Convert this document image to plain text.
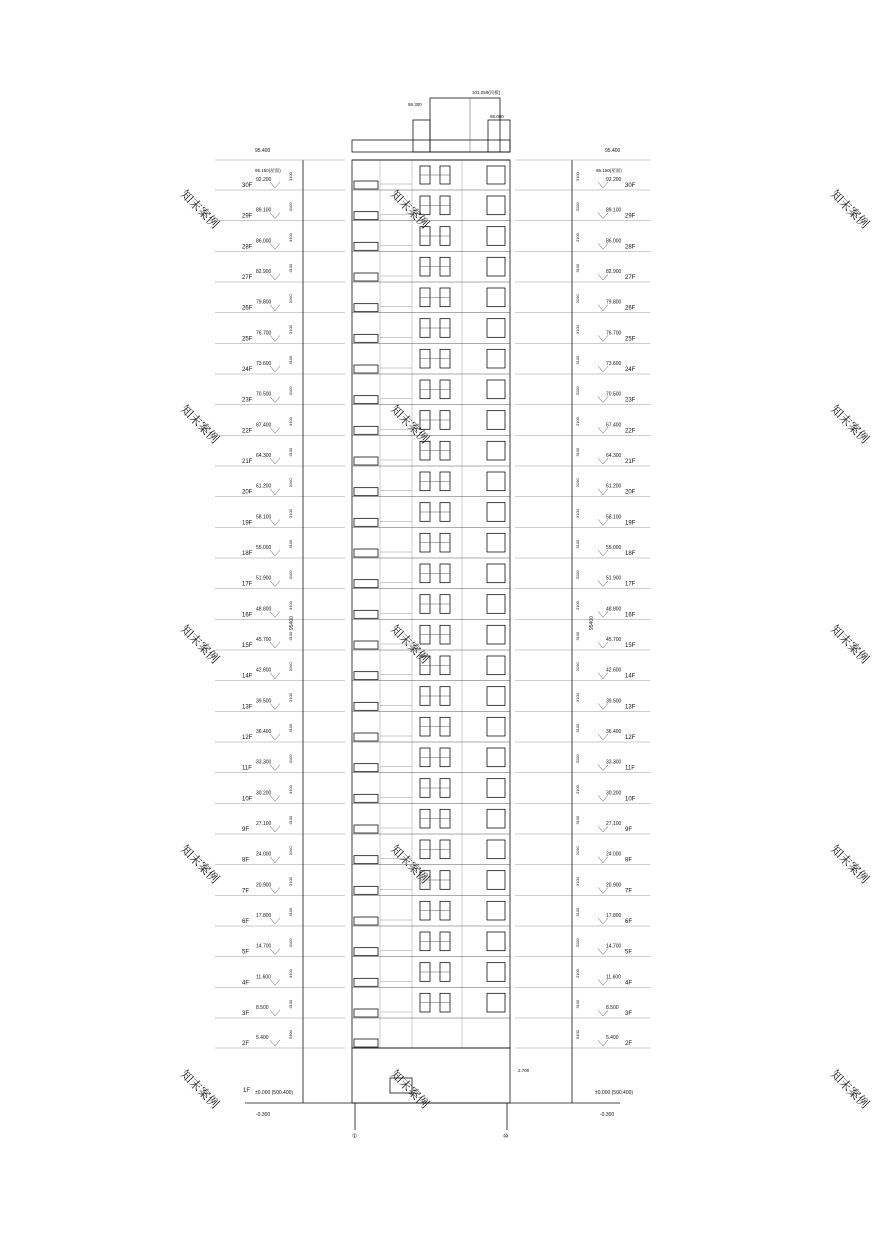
知末案例	知末案例	知末案例
知末案例	知末案例	知末案例
知末案例	知末案例	知末案例
知末案例	知末案例	知末案例
知末案例	知末案例	知末案例
101.250(顶板)
99.300
98.000
92.200
30F
3100
89.100
29F
3100
86.000
28F
3100
82.900
27F
3100
79.800
26F
3100
76.700
25F
3100
73.600
24F
3100
70.500
23F
3100
67.400
22F
3100
64.300
21F
3100
61.200
20F
3100
58.100
19F
3100
55.000
18F
3100
51.900
17F
3100
48.800
16F
3100
45.700
15F
3100
42.600
14F
3100
39.500
13F
3100
36.400
12F
3100
33.300
11F
3100
30.200
10F
3100
27.100
9F
3100
24.000
8F
3100
20.900
7F
3100
17.800
6F
3100
14.700
5F
3100
11.600
4F
3100
8.500
3F
3100
5.400
2F
5400
92.200
30F
3100
89.100
29F
3100
86.000
28F
3100
82.900
27F
3100
79.800
26F
3100
76.700
25F
3100
73.600
24F
3100
70.500
23F
3100
67.400
22F
3100
64.300
21F
3100
61.200
20F
3100
58.100
19F
3100
55.000
18F
3100
51.900
17F
3100
48.800
16F
3100
45.700
15F
3100
42.600
14F
3100
39.500
13F
3100
36.400
12F
3100
33.300
11F
3100
30.200
10F
3100
27.100
9F
3100
24.000
8F
3100
20.900
7F
3100
17.800
6F
3100
14.700
5F
3100
11.600
4F
3100
8.500
3F
3100
5.400
2F
5400
①	⑩
1F ±0.000 (500.400)	±0.000 (500.400)
-0.300	-0.300
2.700
95.400
95.150(屋面)
95.400
95.150(屋面)
95400	95400
